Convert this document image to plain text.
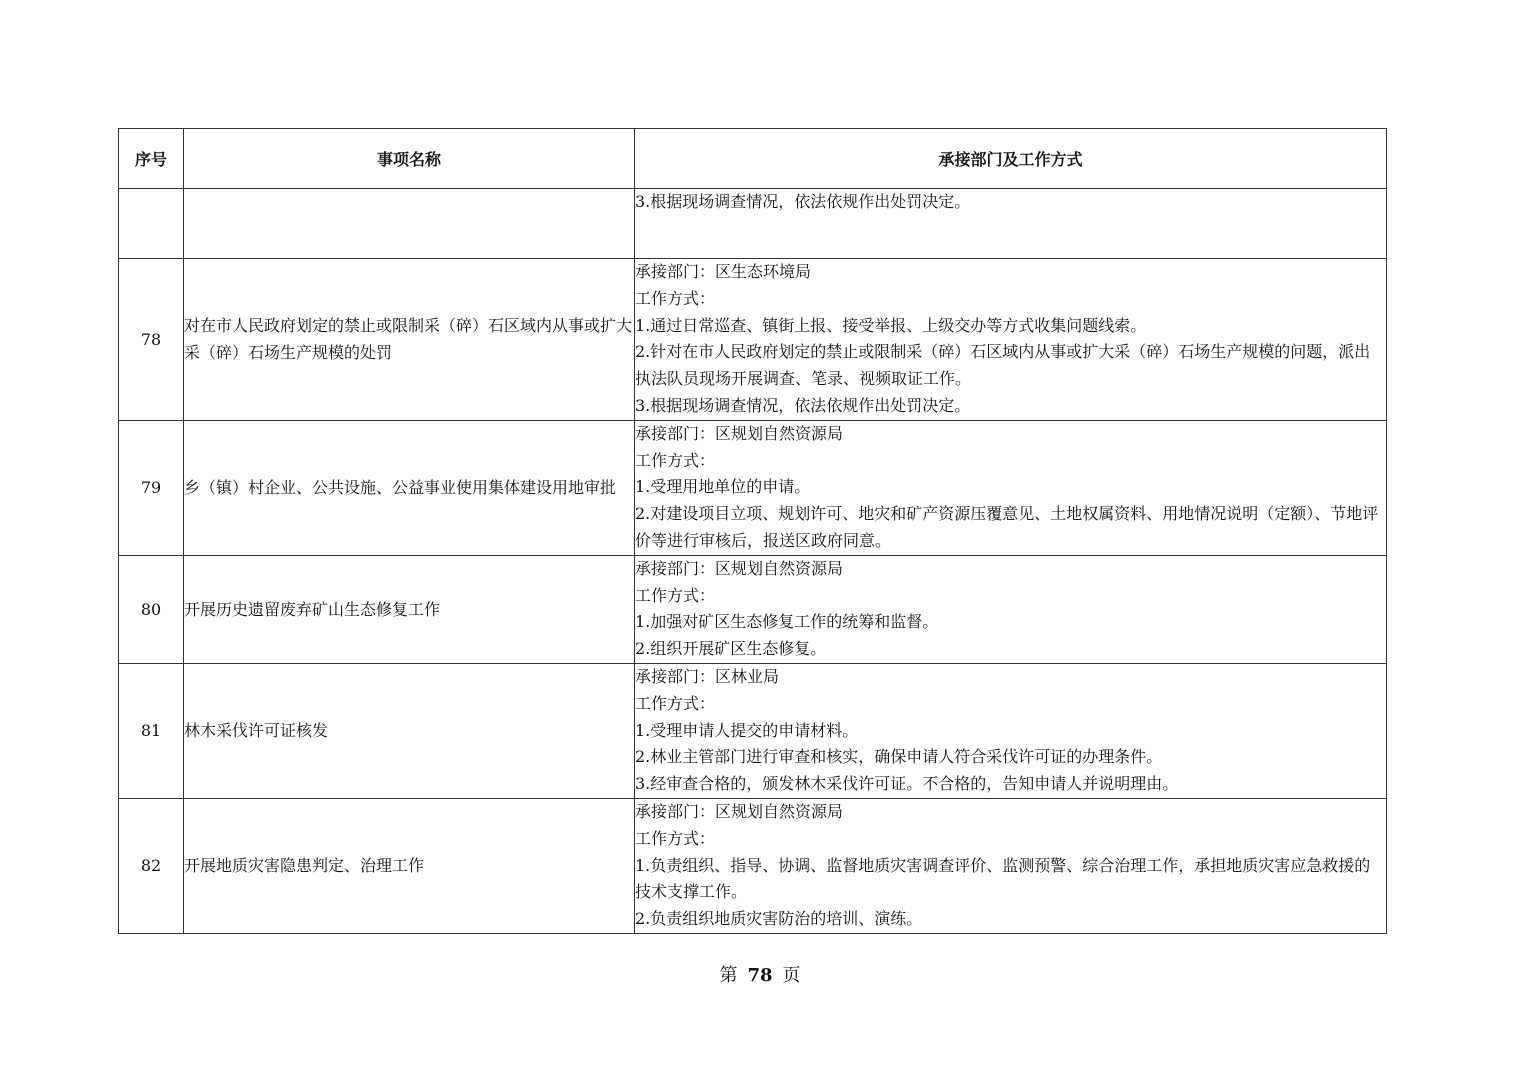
序号	事项名称	承接部门及工作方式

		3.根据现场调查情况，依法依规作出处罚决定。

78	对在市人民政府划定的禁止或限制采（碎）石区域内从事或扩大采（碎）石场生产规模的处罚	承接部门：区生态环境局
工作方式：
1.通过日常巡查、镇街上报、接受举报、上级交办等方式收集问题线索。
2.针对在市人民政府划定的禁止或限制采（碎）石区域内从事或扩大采（碎）石场生产规模的问题，派出执法队员现场开展调查、笔录、视频取证工作。
3.根据现场调查情况，依法依规作出处罚决定。

79	乡（镇）村企业、公共设施、公益事业使用集体建设用地审批	承接部门：区规划自然资源局
工作方式：
1.受理用地单位的申请。
2.对建设项目立项、规划许可、地灾和矿产资源压覆意见、土地权属资料、用地情况说明（定额）、节地评价等进行审核后，报送区政府同意。

80	开展历史遗留废弃矿山生态修复工作	承接部门：区规划自然资源局
工作方式：
1.加强对矿区生态修复工作的统筹和监督。
2.组织开展矿区生态修复。

81	林木采伐许可证核发	承接部门：区林业局
工作方式：
1.受理申请人提交的申请材料。
2.林业主管部门进行审查和核实，确保申请人符合采伐许可证的办理条件。
3.经审查合格的，颁发林木采伐许可证。不合格的，告知申请人并说明理由。

82	开展地质灾害隐患判定、治理工作	承接部门：区规划自然资源局
工作方式：
1.负责组织、指导、协调、监督地质灾害调查评价、监测预警、综合治理工作，承担地质灾害应急救援的技术支撑工作。
2.负责组织地质灾害防治的培训、演练。
第 78 页
